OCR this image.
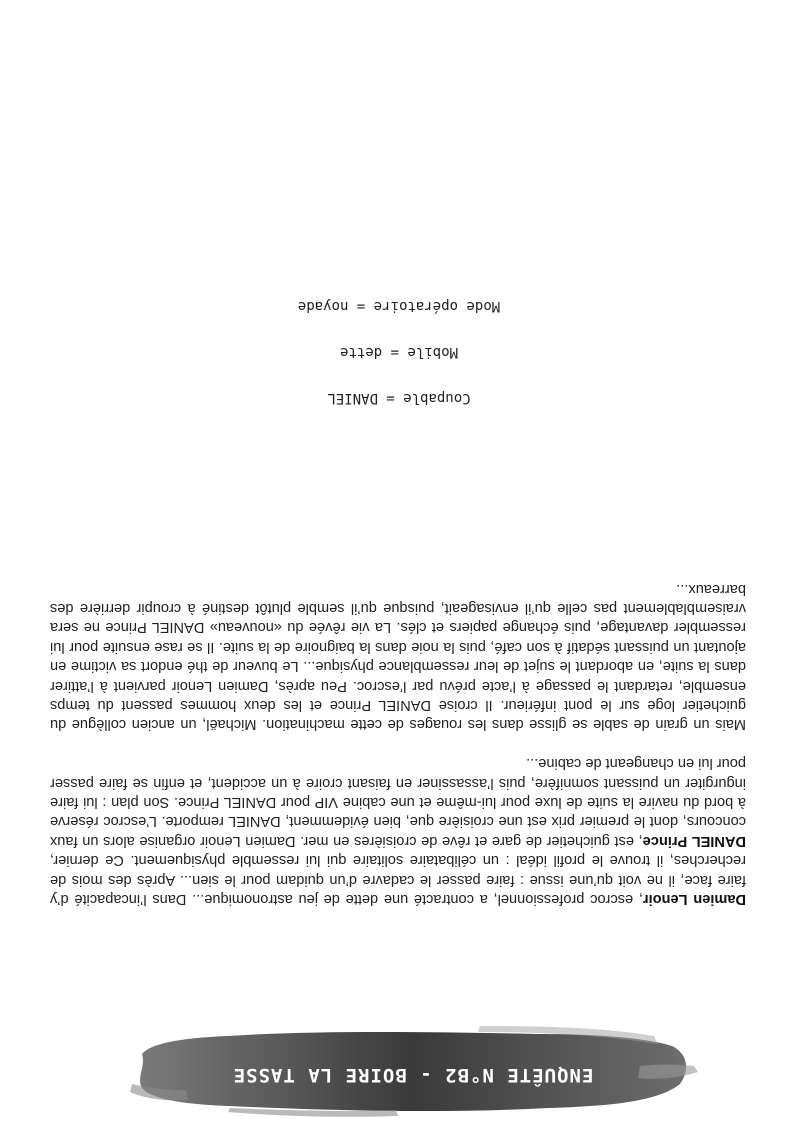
ENQUÊTE N°B2 - BOIRE LA TASSE

Damien Lenoir, escroc professionnel, a contracté une dette de jeu astronomique... Dans l’incapacité d’y faire face, il ne voit qu’une issue : faire passer le cadavre d’un quidam pour le sien... Après des mois de recherches, il trouve le profil idéal : un célibataire solitaire qui lui ressemble physiquement. Ce dernier, DANIEL Prince, est guichetier de gare et rêve de croisières en mer. Damien Lenoir organise alors un faux concours, dont le premier prix est une croisière que, bien évidemment, DANIEL remporte. L’escroc réserve à bord du navire la suite de luxe pour lui-même et une cabine VIP pour DANIEL Prince. Son plan : lui faire ingurgiter un puissant somnifère, puis l’assassiner en faisant croire à un accident, et enfin se faire passer pour lui en changeant de cabine...

Mais un grain de sable se glisse dans les rouages de cette machination. Michaël, un ancien collègue du guichetier loge sur le pont inférieur. Il croise DANIEL Prince et les deux hommes passent du temps ensemble, retardant le passage à l’acte prévu par l’escroc. Peu après, Damien Lenoir parvient à l’attirer dans la suite, en abordant le sujet de leur ressemblance physique... Le buveur de thé endort sa victime en ajoutant un puissant sédatif à son café, puis la noie dans la baignoire de la suite. Il se rase ensuite pour lui ressembler davantage, puis échange papiers et clés. La vie rêvée du «nouveau» DANIEL Prince ne sera vraisemblablement pas celle qu’il envisageait, puisque qu’il semble plutôt destiné à croupir derrière des barreaux...

Coupable = DANIEL
Mobile = dette
Mode opératoire = noyade
